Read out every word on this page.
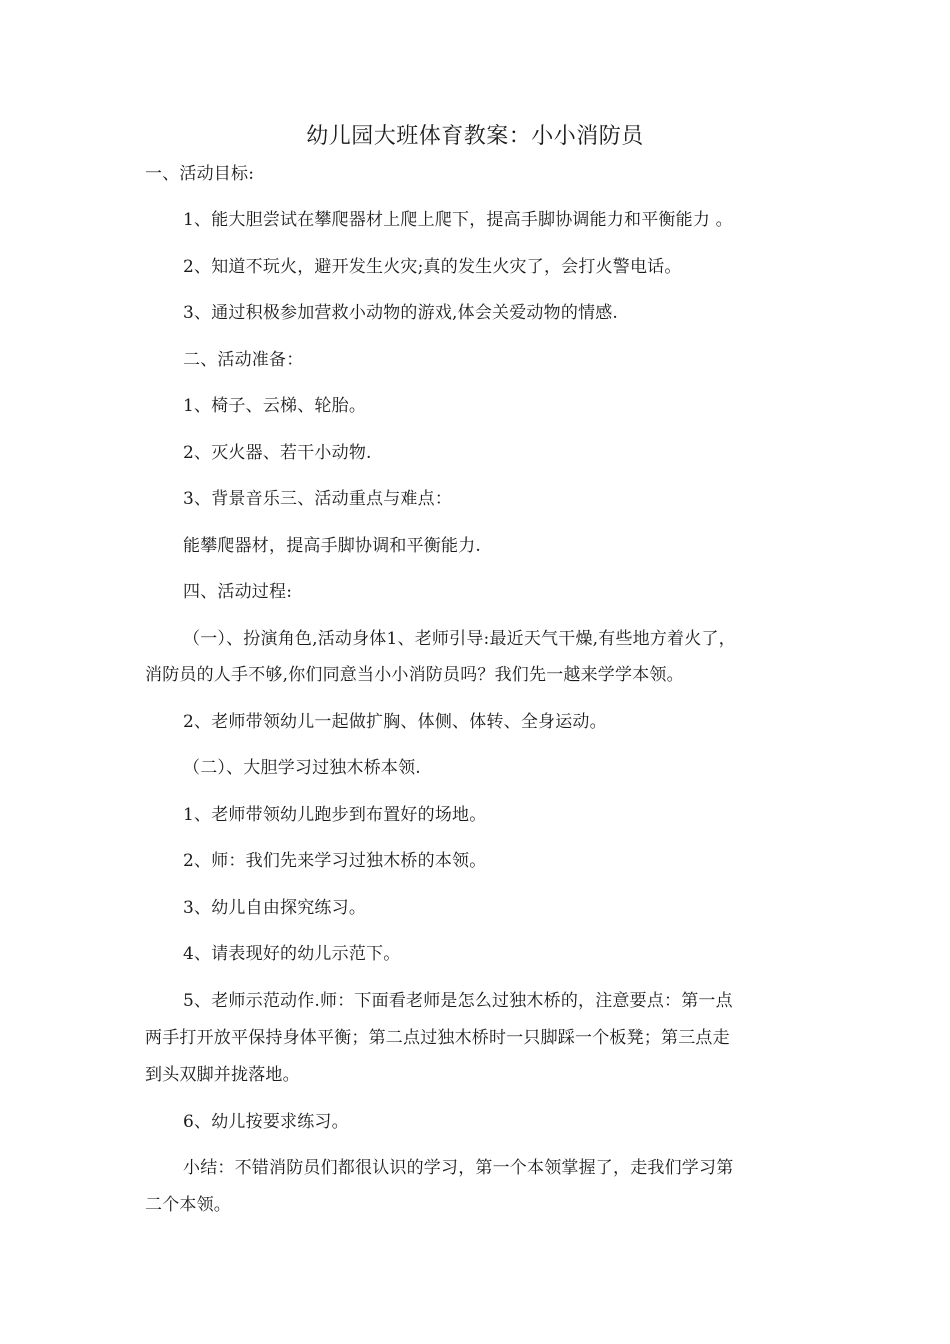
幼儿园大班体育教案：小小消防员
一、活动目标:
1、能大胆尝试在攀爬器材上爬上爬下，提高手脚协调能力和平衡能力 。
2、知道不玩火，避开发生火灾;真的发生火灾了，会打火警电话。
3、通过积极参加营救小动物的游戏,体会关爱动物的情感.
二、活动准备：
1、椅子、云梯、轮胎。
2、灭火器、若干小动物.
3、背景音乐三、活动重点与难点：
能攀爬器材，提高手脚协调和平衡能力.
四、活动过程:
（一）、扮演角色,活动身体1、老师引导:最近天气干燥,有些地方着火了，
消防员的人手不够,你们同意当小小消防员吗？我们先一越来学学本领。
2、老师带领幼儿一起做扩胸、体侧、体转、全身运动。
（二）、大胆学习过独木桥本领.
1、老师带领幼儿跑步到布置好的场地。
2、师：我们先来学习过独木桥的本领。
3、幼儿自由探究练习。
4、请表现好的幼儿示范下。
5、老师示范动作.师：下面看老师是怎么过独木桥的，注意要点：第一点
两手打开放平保持身体平衡；第二点过独木桥时一只脚踩一个板凳；第三点走
到头双脚并拢落地。
6、幼儿按要求练习。
小结：不错消防员们都很认识的学习，第一个本领掌握了，走我们学习第
二个本领。
